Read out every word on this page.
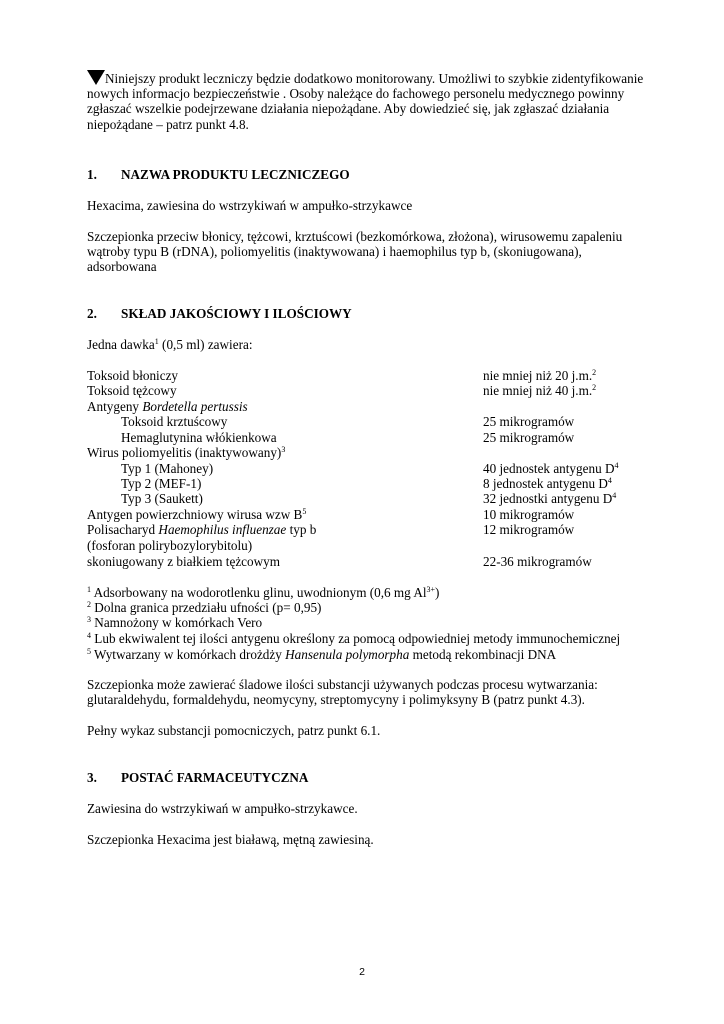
Niniejszy produkt leczniczy będzie dodatkowo monitorowany. Umożliwi to szybkie zidentyfikowanie nowych informacjo bezpieczeństwie . Osoby należące do fachowego personelu medycznego powinny zgłaszać wszelkie podejrzewane działania niepożądane. Aby dowiedzieć się, jak zgłaszać działania niepożądane – patrz punkt 4.8.
1. NAZWA PRODUKTU LECZNICZEGO
Hexacima, zawiesina do wstrzykiwań w ampułko-strzykawce
Szczepionka przeciw błonicy, tężcowi, krztuścowi (bezkomórkowa, złożona), wirusowemu zapaleniu wątroby typu B (rDNA), poliomyelitis (inaktywowana) i haemophilus typ b, (skoniugowana), adsorbowana
2. SKŁAD JAKOŚCIOWY I ILOŚCIOWY
Jedna dawka$^1$ (0,5 ml) zawiera:
Toksoid błoniczy	nie mniej niż 20 j.m.$^2$
Toksoid tężcowy	nie mniej niż 40 j.m.$^2$
Antygeny Bordetella pertussis
Toksoid krztuścowy	25 mikrogramów
Hemaglutynina włókienkowa	25 mikrogramów
Wirus poliomyelitis (inaktywowany)$^3$
Typ 1 (Mahoney)	40 jednostek antygenu $D^4$
Typ 2 (MEF-1)	8 jednostek antygenu $D^4$
Typ 3 (Saukett)	32 jednostki antygenu $D^4$
Antygen powierzchniowy wirusa wzw $B^5$	10 mikrogramów
Polisacharyd Haemophilus influenzae typ b	12 mikrogramów
(fosforan polirybozylorybitolu)
skoniugowany z białkiem tężcowym	22-36 mikrogramów
$^1$ Adsorbowany na wodorotlenku glinu, uwodnionym (0,6 mg $Al^{3+}$)
$^2$ Dolna granica przedziału ufności (p= 0,95)
$^3$ Namnożony w komórkach Vero
$^4$ Lub ekwiwalent tej ilości antygenu określony za pomocą odpowiedniej metody immunochemicznej
$^5$ Wytwarzany w komórkach drożdży Hansenula polymorpha metodą rekombinacji DNA
Szczepionka może zawierać śladowe ilości substancji używanych podczas procesu wytwarzania: glutaraldehydu, formaldehydu, neomycyny, streptomycyny i polimyksyny B (patrz punkt 4.3).
Pełny wykaz substancji pomocniczych, patrz punkt 6.1.
3. POSTAĆ FARMACEUTYCZNA
Zawiesina do wstrzykiwań w ampułko-strzykawce.
Szczepionka Hexacima jest białawą, mętną zawiesiną.
2
